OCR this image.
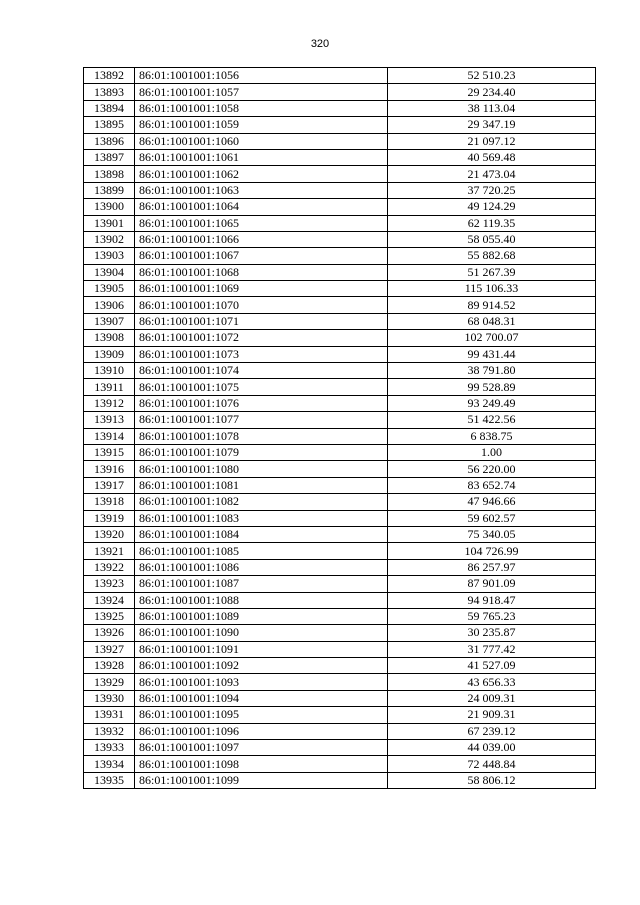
320
13892	86:01:1001001:1056	52 510.23
13893	86:01:1001001:1057	29 234.40
13894	86:01:1001001:1058	38 113.04
13895	86:01:1001001:1059	29 347.19
13896	86:01:1001001:1060	21 097.12
13897	86:01:1001001:1061	40 569.48
13898	86:01:1001001:1062	21 473.04
13899	86:01:1001001:1063	37 720.25
13900	86:01:1001001:1064	49 124.29
13901	86:01:1001001:1065	62 119.35
13902	86:01:1001001:1066	58 055.40
13903	86:01:1001001:1067	55 882.68
13904	86:01:1001001:1068	51 267.39
13905	86:01:1001001:1069	115 106.33
13906	86:01:1001001:1070	89 914.52
13907	86:01:1001001:1071	68 048.31
13908	86:01:1001001:1072	102 700.07
13909	86:01:1001001:1073	99 431.44
13910	86:01:1001001:1074	38 791.80
13911	86:01:1001001:1075	99 528.89
13912	86:01:1001001:1076	93 249.49
13913	86:01:1001001:1077	51 422.56
13914	86:01:1001001:1078	6 838.75
13915	86:01:1001001:1079	1.00
13916	86:01:1001001:1080	56 220.00
13917	86:01:1001001:1081	83 652.74
13918	86:01:1001001:1082	47 946.66
13919	86:01:1001001:1083	59 602.57
13920	86:01:1001001:1084	75 340.05
13921	86:01:1001001:1085	104 726.99
13922	86:01:1001001:1086	86 257.97
13923	86:01:1001001:1087	87 901.09
13924	86:01:1001001:1088	94 918.47
13925	86:01:1001001:1089	59 765.23
13926	86:01:1001001:1090	30 235.87
13927	86:01:1001001:1091	31 777.42
13928	86:01:1001001:1092	41 527.09
13929	86:01:1001001:1093	43 656.33
13930	86:01:1001001:1094	24 009.31
13931	86:01:1001001:1095	21 909.31
13932	86:01:1001001:1096	67 239.12
13933	86:01:1001001:1097	44 039.00
13934	86:01:1001001:1098	72 448.84
13935	86:01:1001001:1099	58 806.12
